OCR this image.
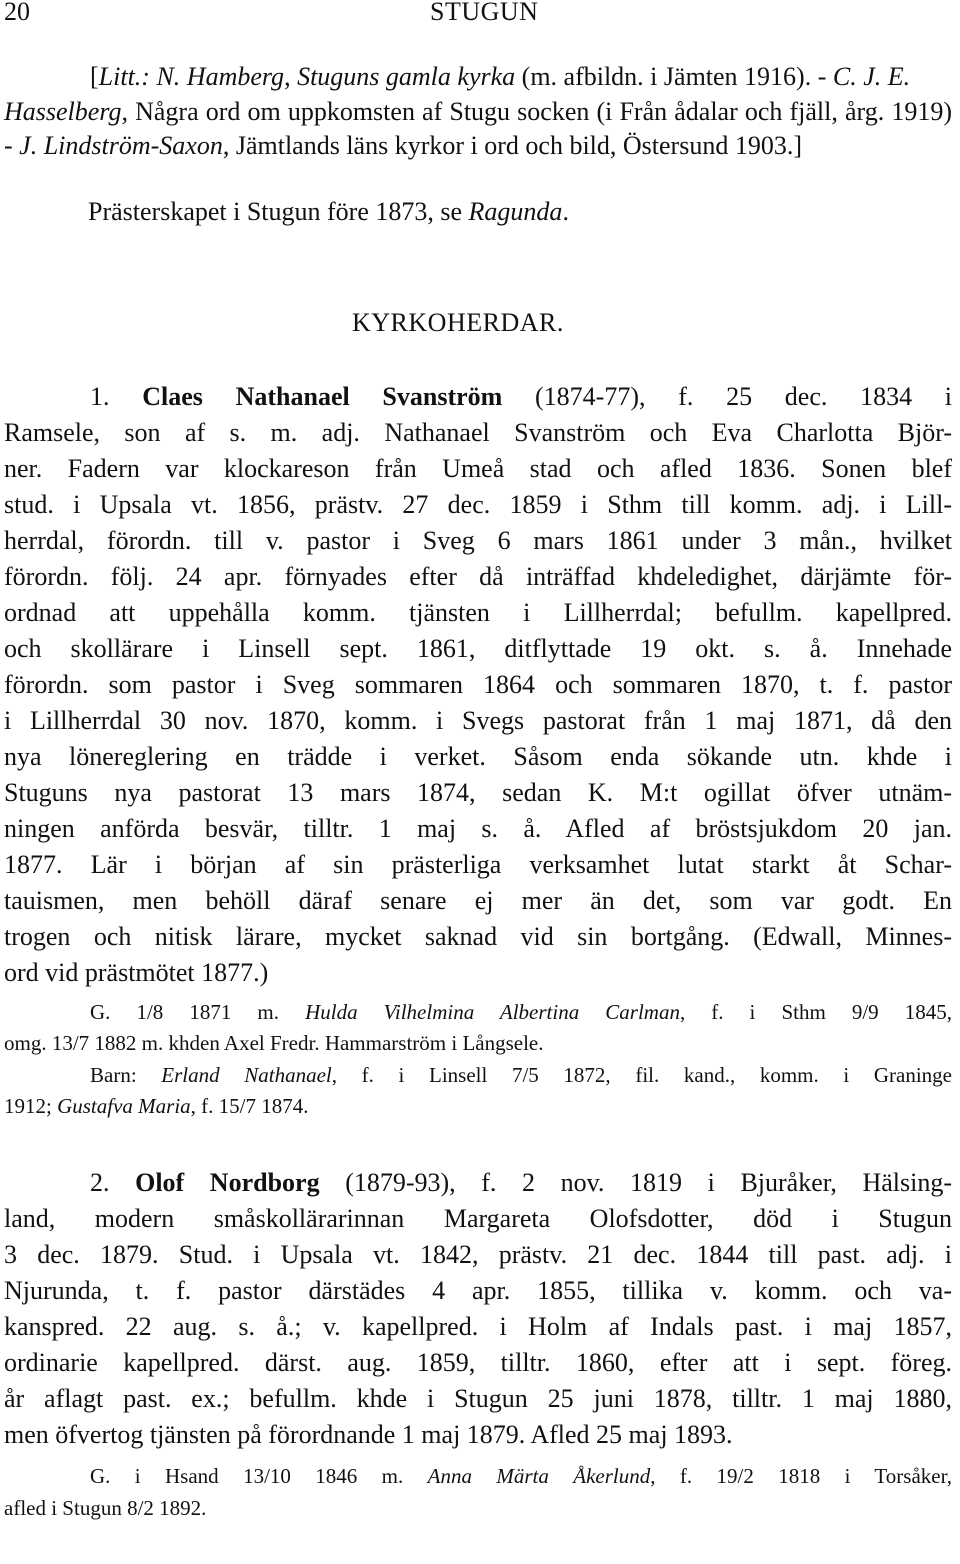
20	STUGUN
[Litt.: N. Hamberg, Stuguns gamla kyrka (m. afbildn. i Jämten 1916). - C. J. E.
Hasselberg, Några ord om uppkomsten af Stugu socken (i Från ådalar och fjäll, årg. 1919)
- J. Lindström-Saxon, Jämtlands läns kyrkor i ord och bild, Östersund 1903.]
Prästerskapet i Stugun före 1873, se Ragunda.
KYRKOHERDAR.
1. Claes Nathanael Svanström (1874-77), f. 25 dec. 1834 i
Ramsele, son af s. m. adj. Nathanael Svanström och Eva Charlotta Björ-
ner. Fadern var klockareson från Umeå stad och afled 1836. Sonen blef
stud. i Upsala vt. 1856, prästv. 27 dec. 1859 i Sthm till komm. adj. i Lill-
herrdal, förordn. till v. pastor i Sveg 6 mars 1861 under 3 mån., hvilket
förordn. följ. 24 apr. förnyades efter då inträffad khdeledighet, därjämte för-
ordnad att uppehålla komm. tjänsten i Lillherrdal; befullm. kapellpred.
och skollärare i Linsell sept. 1861, ditflyttade 19 okt. s. å. Innehade
förordn. som pastor i Sveg sommaren 1864 och sommaren 1870, t. f. pastor
i Lillherrdal 30 nov. 1870, komm. i Svegs pastorat från 1 maj 1871, då den
nya lönereglering en trädde i verket. Såsom enda sökande utn. khde i
Stuguns nya pastorat 13 mars 1874, sedan K. M:t ogillat öfver utnäm-
ningen anförda besvär, tilltr. 1 maj s. å. Afled af bröstsjukdom 20 jan.
1877. Lär i början af sin prästerliga verksamhet lutat starkt åt Schar-
tauismen, men behöll däraf senare ej mer än det, som var godt. En
trogen och nitisk lärare, mycket saknad vid sin bortgång. (Edwall, Minnes-
ord vid prästmötet 1877.)
G. 1/8 1871 m. Hulda Vilhelmina Albertina Carlman, f. i Sthm 9/9 1845,
omg. 13/7 1882 m. khden Axel Fredr. Hammarström i Långsele.
Barn: Erland Nathanael, f. i Linsell 7/5 1872, fil. kand., komm. i Graninge
1912; Gustafva Maria, f. 15/7 1874.
2. Olof Nordborg (1879-93), f. 2 nov. 1819 i Bjuråker, Hälsing-
land, modern småskollärarinnan Margareta Olofsdotter, död i Stugun
3 dec. 1879. Stud. i Upsala vt. 1842, prästv. 21 dec. 1844 till past. adj. i
Njurunda, t. f. pastor därstädes 4 apr. 1855, tillika v. komm. och va-
kanspred. 22 aug. s. å.; v. kapellpred. i Holm af Indals past. i maj 1857,
ordinarie kapellpred. därst. aug. 1859, tilltr. 1860, efter att i sept. föreg.
år aflagt past. ex.; befullm. khde i Stugun 25 juni 1878, tilltr. 1 maj 1880,
men öfvertog tjänsten på förordnande 1 maj 1879. Afled 25 maj 1893.
G. i Hsand 13/10 1846 m. Anna Märta Åkerlund, f. 19/2 1818 i Torsåker,
afled i Stugun 8/2 1892.
